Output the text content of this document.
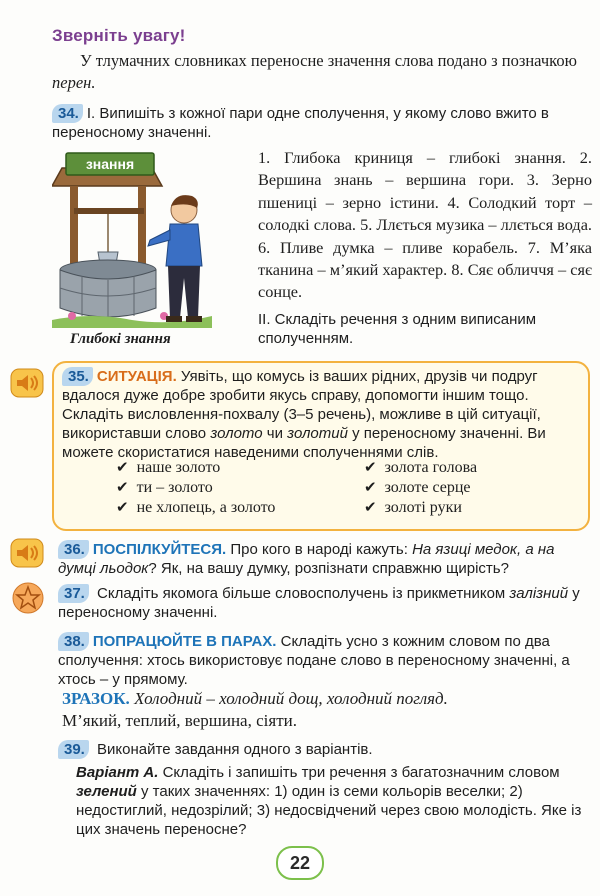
Зверніть увагу!
У тлумачних словниках переносне значення слова подано з позначкою перен.
34. І. Випишіть з кожної пари одне сполучення, у якому слово вжито в переносному значенні.
знання
Глибокі знання
1. Глибока криниця – глибокі знання. 2. Вершина знань – вершина гори. 3. Зерно пшениці – зерно істини. 4. Солодкий торт – солодкі слова. 5. Ллється музика – ллється вода. 6. Пливе думка – пливе корабель. 7. М’яка тканина – м’який характер. 8. Сяє обличчя – сяє сонце.
ІІ. Складіть речення з одним виписаним сполученням.
35. СИТУАЦІЯ. Уявіть, що комусь із ваших рідних, друзів чи подруг вдалося дуже добре зробити якусь справу, допомогти іншим тощо. Складіть висловлення-похвалу (3–5 речень), можливе в цій ситуації, використавши слово золото чи золотий у переносному значенні. Ви можете скористатися наведеними сполученнями слів.
✔ наше золото
✔ ти – золото
✔ не хлопець, а золото
✔ золота голова
✔ золоте серце
✔ золоті руки
36. ПОСПІЛКУЙТЕСЯ. Про кого в народі кажуть: На язиці медок, а на думці льодок? Як, на вашу думку, розпізнати справжню щирість?
37. Складіть якомога більше словосполучень із прикметником залізний у переносному значенні.
38. ПОПРАЦЮЙТЕ В ПАРАХ. Складіть усно з кожним словом по два сполучення: хтось використовує подане слово в переносному значенні, а хтось – у прямому.
ЗРАЗОК. Холодний – холодний дощ, холодний погляд.
М’який, теплий, вершина, сіяти.
39. Виконайте завдання одного з варіантів.
Варіант А. Складіть і запишіть три речення з багатозначним словом зелений у таких значеннях: 1) один із семи кольорів веселки; 2) недостиглий, недозрілий; 3) недосвідчений через свою молодість. Яке із цих значень переносне?
22
